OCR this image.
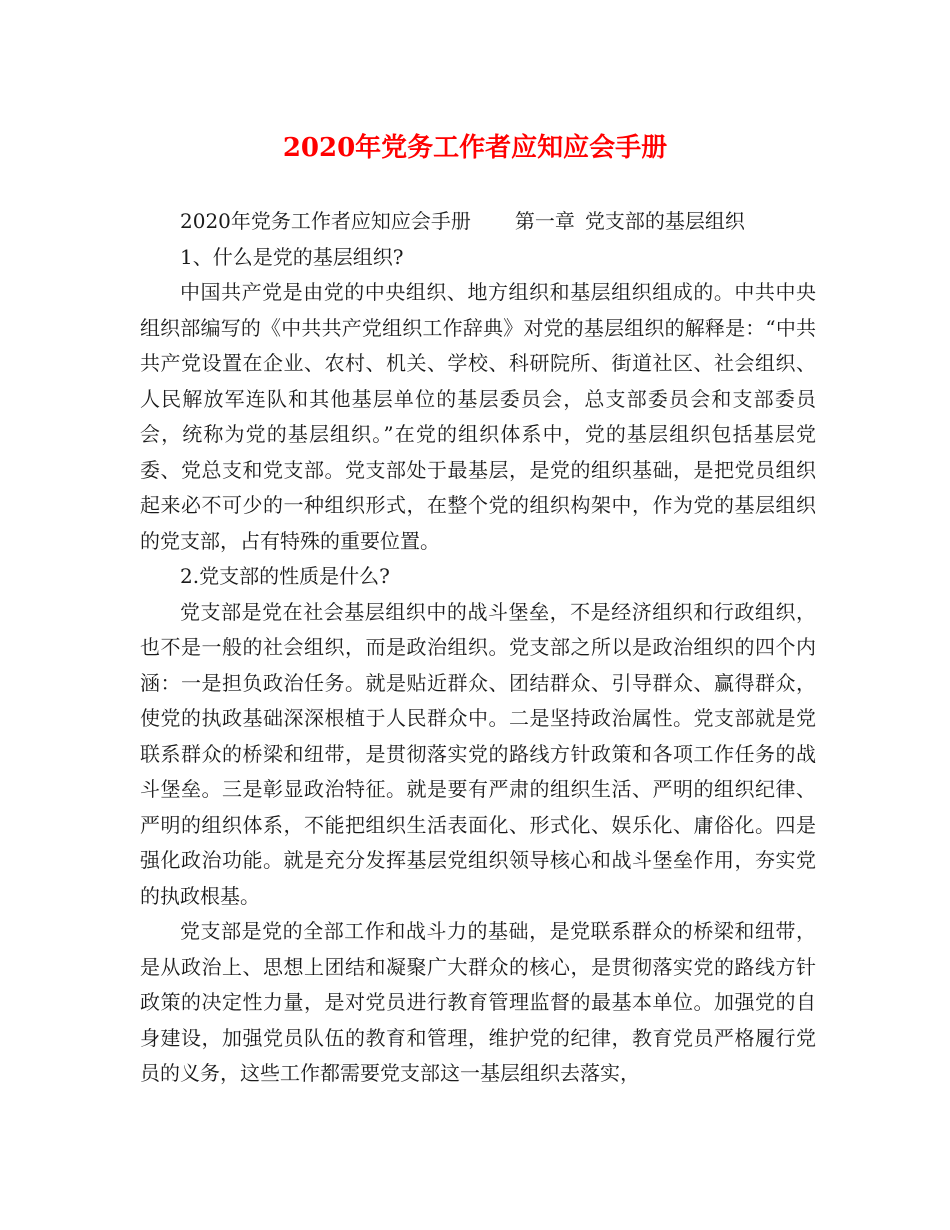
2020年党务工作者应知应会手册

2020年党务工作者应知应会手册 第一章 党支部的基层组织

1、什么是党的基层组织?

中国共产党是由党的中央组织、地方组织和基层组织组成的。中共中央组织部编写的《中共共产党组织工作辞典》对党的基层组织的解释是：“中共共产党设置在企业、农村、机关、学校、科研院所、街道社区、社会组织、人民解放军连队和其他基层单位的基层委员会，总支部委员会和支部委员会，统称为党的基层组织。”在党的组织体系中，党的基层组织包括基层党委、党总支和党支部。党支部处于最基层，是党的组织基础，是把党员组织起来必不可少的一种组织形式，在整个党的组织构架中，作为党的基层组织的党支部，占有特殊的重要位置。

2.党支部的性质是什么?

党支部是党在社会基层组织中的战斗堡垒，不是经济组织和行政组织，也不是一般的社会组织，而是政治组织。党支部之所以是政治组织的四个内涵：一是担负政治任务。就是贴近群众、团结群众、引导群众、赢得群众，使党的执政基础深深根植于人民群众中。二是坚持政治属性。党支部就是党联系群众的桥梁和纽带，是贯彻落实党的路线方针政策和各项工作任务的战斗堡垒。三是彰显政治特征。就是要有严肃的组织生活、严明的组织纪律、严明的组织体系，不能把组织生活表面化、形式化、娱乐化、庸俗化。四是强化政治功能。就是充分发挥基层党组织领导核心和战斗堡垒作用，夯实党的执政根基。

党支部是党的全部工作和战斗力的基础，是党联系群众的桥梁和纽带，是从政治上、思想上团结和凝聚广大群众的核心，是贯彻落实党的路线方针政策的决定性力量，是对党员进行教育管理监督的最基本单位。加强党的自身建设，加强党员队伍的教育和管理，维护党的纪律，教育党员严格履行党员的义务，这些工作都需要党支部这一基层组织去落实，
